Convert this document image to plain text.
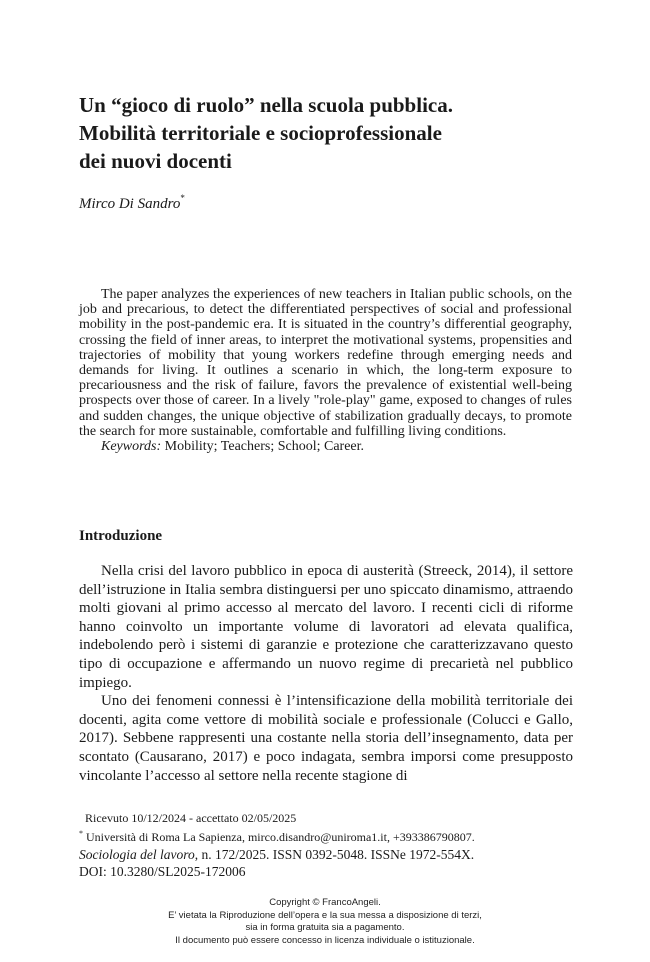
Un “gioco di ruolo” nella scuola pubblica.
Mobilità territoriale e socioprofessionale
dei nuovi docenti
Mirco Di Sandro*

The paper analyzes the experiences of new teachers in Italian public schools, on the job and precarious, to detect the differentiated perspectives of social and professional mobility in the post-pandemic era. It is situated in the country’s differential geography, crossing the field of inner areas, to interpret the motivational systems, propensities and trajectories of mobility that young workers redefine through emerging needs and demands for living. It outlines a scenario in which, the long-term exposure to precariousness and the risk of failure, favors the prevalence of existential well-being prospects over those of career. In a lively "role-play" game, exposed to changes of rules and sudden changes, the unique objective of stabilization gradually decays, to promote the search for more sustainable, comfortable and fulfilling living conditions.

Keywords: Mobility; Teachers; School; Career.

Introduzione

Nella crisi del lavoro pubblico in epoca di austerità (Streeck, 2014), il settore dell’istruzione in Italia sembra distinguersi per uno spiccato dinamismo, attraendo molti giovani al primo accesso al mercato del lavoro. I recenti cicli di riforme hanno coinvolto un importante volume di lavoratori ad elevata qualifica, indebolendo però i sistemi di garanzie e protezione che caratterizzavano questo tipo di occupazione e affermando un nuovo regime di precarietà nel pubblico impiego.

Uno dei fenomeni connessi è l’intensificazione della mobilità territoriale dei docenti, agita come vettore di mobilità sociale e professionale (Colucci e Gallo, 2017). Sebbene rappresenti una costante nella storia dell’insegnamento, data per scontato (Causarano, 2017) e poco indagata, sembra imporsi come presupposto vincolante l’accesso al settore nella recente stagione di

Ricevuto 10/12/2024 - accettato 02/05/2025
* Università di Roma La Sapienza, mirco.disandro@uniroma1.it, +393386790807.
Sociologia del lavoro, n. 172/2025. ISSN 0392-5048. ISSNe 1972-554X.
DOI: 10.3280/SL2025-172006
Copyright © FrancoAngeli.
E’ vietata la Riproduzione dell’opera e la sua messa a disposizione di terzi,
sia in forma gratuita sia a pagamento.
Il documento può essere concesso in licenza individuale o istituzionale.
